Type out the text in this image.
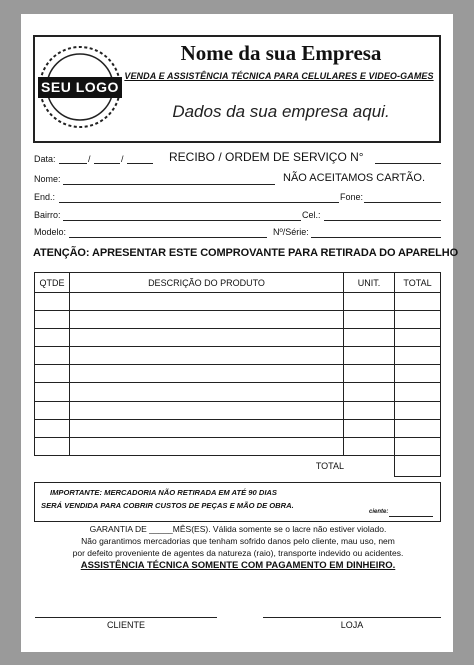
SEU LOGO
Nome da sua Empresa
VENDA E ASSISTÊNCIA TÉCNICA PARA CELULARES E VIDEO-GAMES
Dados da sua empresa aqui.
Data:	/	/	RECIBO / ORDEM DE SERVIÇO N°
Nome:	NÃO ACEITAMOS CARTÃO.
End.:	Fone:
Bairro:	Cel.:
Modelo:	Nº/Série:
ATENÇÃO: APRESENTAR ESTE COMPROVANTE PARA RETIRADA DO APARELHO
QTDE	DESCRIÇÃO DO PRODUTO	UNIT.	TOTAL

TOTAL			
IMPORTANTE: MERCADORIA NÃO RETIRADA EM ATÉ 90 DIAS
SERÁ VENDIDA PARA COBRIR CUSTOS DE PEÇAS E MÃO DE OBRA.
ciente:
GARANTIA DE _____MÊS(ES). Válida somente se o lacre não estiver violado.
Não garantimos mercadorias que tenham sofrido danos pelo cliente, mau uso, nem
por defeito proveniente de agentes da natureza (raio), transporte indevido ou acidentes.
ASSISTÊNCIA TÉCNICA SOMENTE COM PAGAMENTO EM DINHEIRO.
CLIENTE	LOJA
